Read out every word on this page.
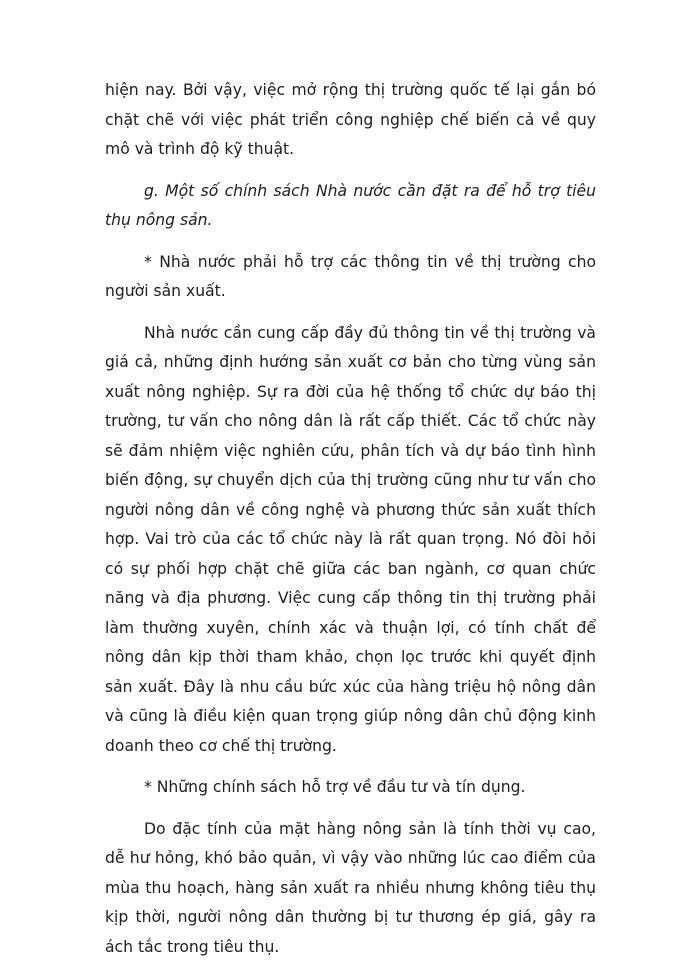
hiện nay. Bởi vậy, việc mở rộng thị trường quốc tế lại gắn bó chặt chẽ với việc phát triển công nghiệp chế biến cả về quy mô và trình độ kỹ thuật.

g. Một số chính sách Nhà nước cần đặt ra để hỗ trợ tiêu thụ nông sản.

* Nhà nước phải hỗ trợ các thông tin về thị trường cho người sản xuất.

Nhà nước cần cung cấp đầy đủ thông tin về thị trường và giá cả, những định hướng sản xuất cơ bản cho từng vùng sản xuất nông nghiệp. Sự ra đời của hệ thống tổ chức dự báo thị trường, tư vấn cho nông dân là rất cấp thiết. Các tổ chức này sẽ đảm nhiệm việc nghiên cứu, phân tích và dự báo tình hình biến động, sự chuyển dịch của thị trường cũng như tư vấn cho người nông dân về công nghệ và phương thức sản xuất thích hợp. Vai trò của các tổ chức này là rất quan trọng. Nó đòi hỏi có sự phối hợp chặt chẽ giữa các ban ngành, cơ quan chức năng và địa phương. Việc cung cấp thông tin thị trường phải làm thường xuyên, chính xác và thuận lợi, có tính chất để nông dân kịp thời tham khảo, chọn lọc trước khi quyết định sản xuất. Đây là nhu cầu bức xúc của hàng triệu hộ nông dân và cũng là điều kiện quan trọng giúp nông dân chủ động kinh doanh theo cơ chế thị trường.

* Những chính sách hỗ trợ về đầu tư và tín dụng.

Do đặc tính của mặt hàng nông sản là tính thời vụ cao, dễ hư hỏng, khó bảo quản, vì vậy vào những lúc cao điểm của mùa thu hoạch, hàng sản xuất ra nhiều nhưng không tiêu thụ kịp thời, người nông dân thường bị tư thương ép giá, gây ra ách tắc trong tiêu thụ.
